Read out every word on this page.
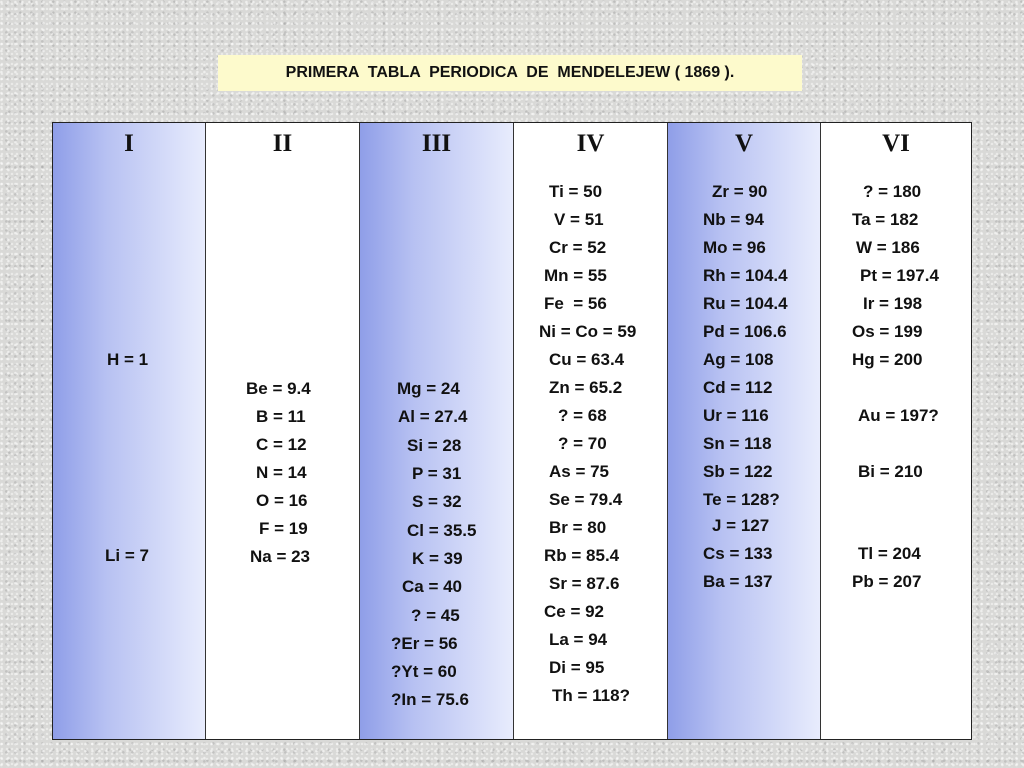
PRIMERA  TABLA  PERIODICA  DE  MENDELEJEW ( 1869 ).
I
H = 1
Li = 7
II
Be = 9.4
B = 11
C = 12
N = 14
O = 16
F = 19
Na = 23
III
Mg = 24
Al = 27.4
Si = 28
P = 31
S = 32
Cl = 35.5
K = 39
Ca = 40
? = 45
?Er = 56
?Yt = 60
?In = 75.6
IV
Ti = 50
V = 51
Cr = 52
Mn = 55
Fe  = 56
Ni = Co = 59
Cu = 63.4
Zn = 65.2
? = 68
? = 70
As = 75
Se = 79.4
Br = 80
Rb = 85.4
Sr = 87.6
Ce = 92
La = 94
Di = 95
Th = 118?
V
Zr = 90
Nb = 94
Mo = 96
Rh = 104.4
Ru = 104.4
Pd = 106.6
Ag = 108
Cd = 112
Ur = 116
Sn = 118
Sb = 122
Te = 128?
J = 127
Cs = 133
Ba = 137
VI
? = 180
Ta = 182
W = 186
Pt = 197.4
Ir = 198
Os = 199
Hg = 200
Au = 197?
Bi = 210
Tl = 204
Pb = 207
